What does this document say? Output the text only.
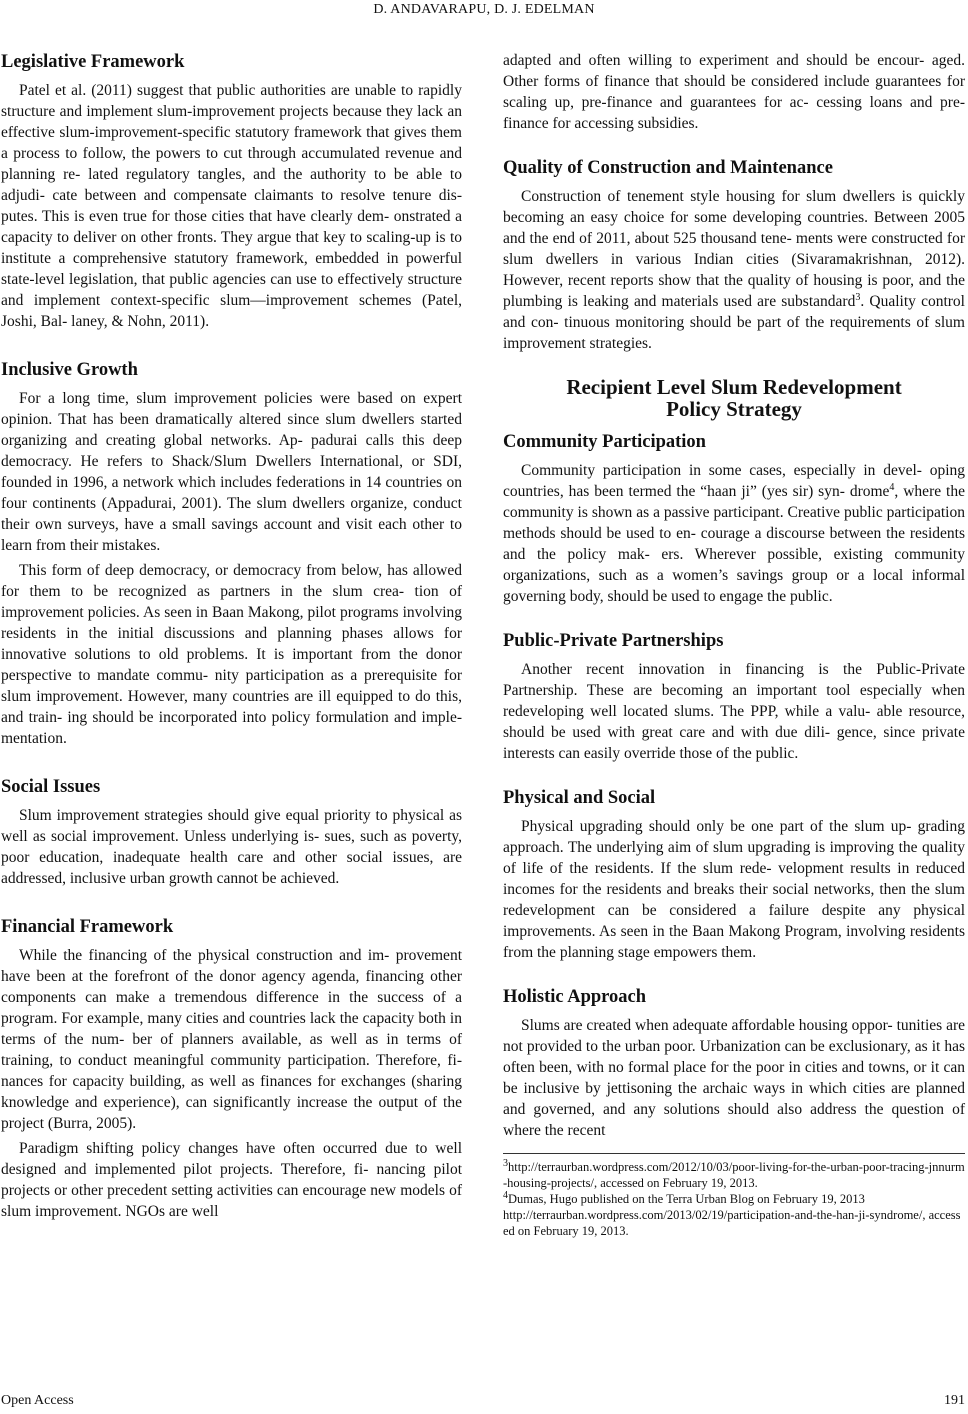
D. ANDAVARAPU, D. J. EDELMAN
Legislative Framework

Patel et al. (2011) suggest that public authorities are unable to rapidly structure and implement slum-improvement projects because they lack an effective slum-improvement-specific statutory framework that gives them a process to follow, the powers to cut through accumulated revenue and planning re- lated regulatory tangles, and the authority to be able to adjudi- cate between and compensate claimants to resolve tenure dis- putes. This is even true for those cities that have clearly dem- onstrated a capacity to deliver on other fronts. They argue that key to scaling-up is to institute a comprehensive statutory framework, embedded in powerful state-level legislation, that public agencies can use to effectively structure and implement context-specific slum—improvement schemes (Patel, Joshi, Bal- laney, & Nohn, 2011).

Inclusive Growth

For a long time, slum improvement policies were based on expert opinion. That has been dramatically altered since slum dwellers started organizing and creating global networks. Ap- padurai calls this deep democracy. He refers to Shack/Slum Dwellers International, or SDI, founded in 1996, a network which includes federations in 14 countries on four continents (Appadurai, 2001). The slum dwellers organize, conduct their own surveys, have a small savings account and visit each other to learn from their mistakes.

This form of deep democracy, or democracy from below, has allowed for them to be recognized as partners in the slum crea- tion of improvement policies. As seen in Baan Makong, pilot programs involving residents in the initial discussions and planning phases allows for innovative solutions to old problems. It is important from the donor perspective to mandate commu- nity participation as a prerequisite for slum improvement. However, many countries are ill equipped to do this, and train- ing should be incorporated into policy formulation and imple- mentation.

Social Issues

Slum improvement strategies should give equal priority to physical as well as social improvement. Unless underlying is- sues, such as poverty, poor education, inadequate health care and other social issues, are addressed, inclusive urban growth cannot be achieved.

Financial Framework

While the financing of the physical construction and im- provement have been at the forefront of the donor agency agenda, financing other components can make a tremendous difference in the success of a program. For example, many cities and countries lack the capacity both in terms of the num- ber of planners available, as well as in terms of training, to conduct meaningful community participation. Therefore, fi- nances for capacity building, as well as finances for exchanges (sharing knowledge and experience), can significantly increase the output of the project (Burra, 2005).

Paradigm shifting policy changes have often occurred due to well designed and implemented pilot projects. Therefore, fi- nancing pilot projects or other precedent setting activities can encourage new models of slum improvement. NGOs are well

adapted and often willing to experiment and should be encour- aged. Other forms of finance that should be considered include guarantees for scaling up, pre-finance and guarantees for ac- cessing loans and pre-finance for accessing subsidies.

Quality of Construction and Maintenance

Construction of tenement style housing for slum dwellers is quickly becoming an easy choice for some developing countries. Between 2005 and the end of 2011, about 525 thousand tene- ments were constructed for slum dwellers in various Indian cities (Sivaramakrishnan, 2012). However, recent reports show that the quality of housing is poor, and the plumbing is leaking and materials used are substandard$^3$. Quality control and con- tinuous monitoring should be part of the requirements of slum improvement strategies.

Recipient Level Slum Redevelopment
Policy Strategy

Community Participation

Community participation in some cases, especially in devel- oping countries, has been termed the “haan ji” (yes sir) syn- drome$^4$, where the community is shown as a passive participant. Creative public participation methods should be used to en- courage a discourse between the residents and the policy mak- ers. Wherever possible, existing community organizations, such as a women’s savings group or a local informal governing body, should be used to engage the public.

Public-Private Partnerships

Another recent innovation in financing is the Public-Private Partnership. These are becoming an important tool especially when redeveloping well located slums. The PPP, while a valu- able resource, should be used with great care and with due dili- gence, since private interests can easily override those of the public.

Physical and Social

Physical upgrading should only be one part of the slum up- grading approach. The underlying aim of slum upgrading is improving the quality of life of the residents. If the slum rede- velopment results in reduced incomes for the residents and breaks their social networks, then the slum redevelopment can be considered a failure despite any physical improvements. As seen in the Baan Makong Program, involving residents from the planning stage empowers them.

Holistic Approach

Slums are created when adequate affordable housing oppor- tunities are not provided to the urban poor. Urbanization can be exclusionary, as it has often been, with no formal place for the poor in cities and towns, or it can be inclusive by jettisoning the archaic ways in which cities are planned and governed, and any solutions should also address the question of where the recent

$^3$http://terraurban.wordpress.com/2012/10/03/poor-living-for-the-urban-poor-tracing-jnnurm-housing-projects/, accessed on February 19, 2013.

$^4$Dumas, Hugo published on the Terra Urban Blog on February 19, 2013

http://terraurban.wordpress.com/2013/02/19/participation-and-the-han-ji-syndrome/, accessed on February 19, 2013.

Open Access	191
